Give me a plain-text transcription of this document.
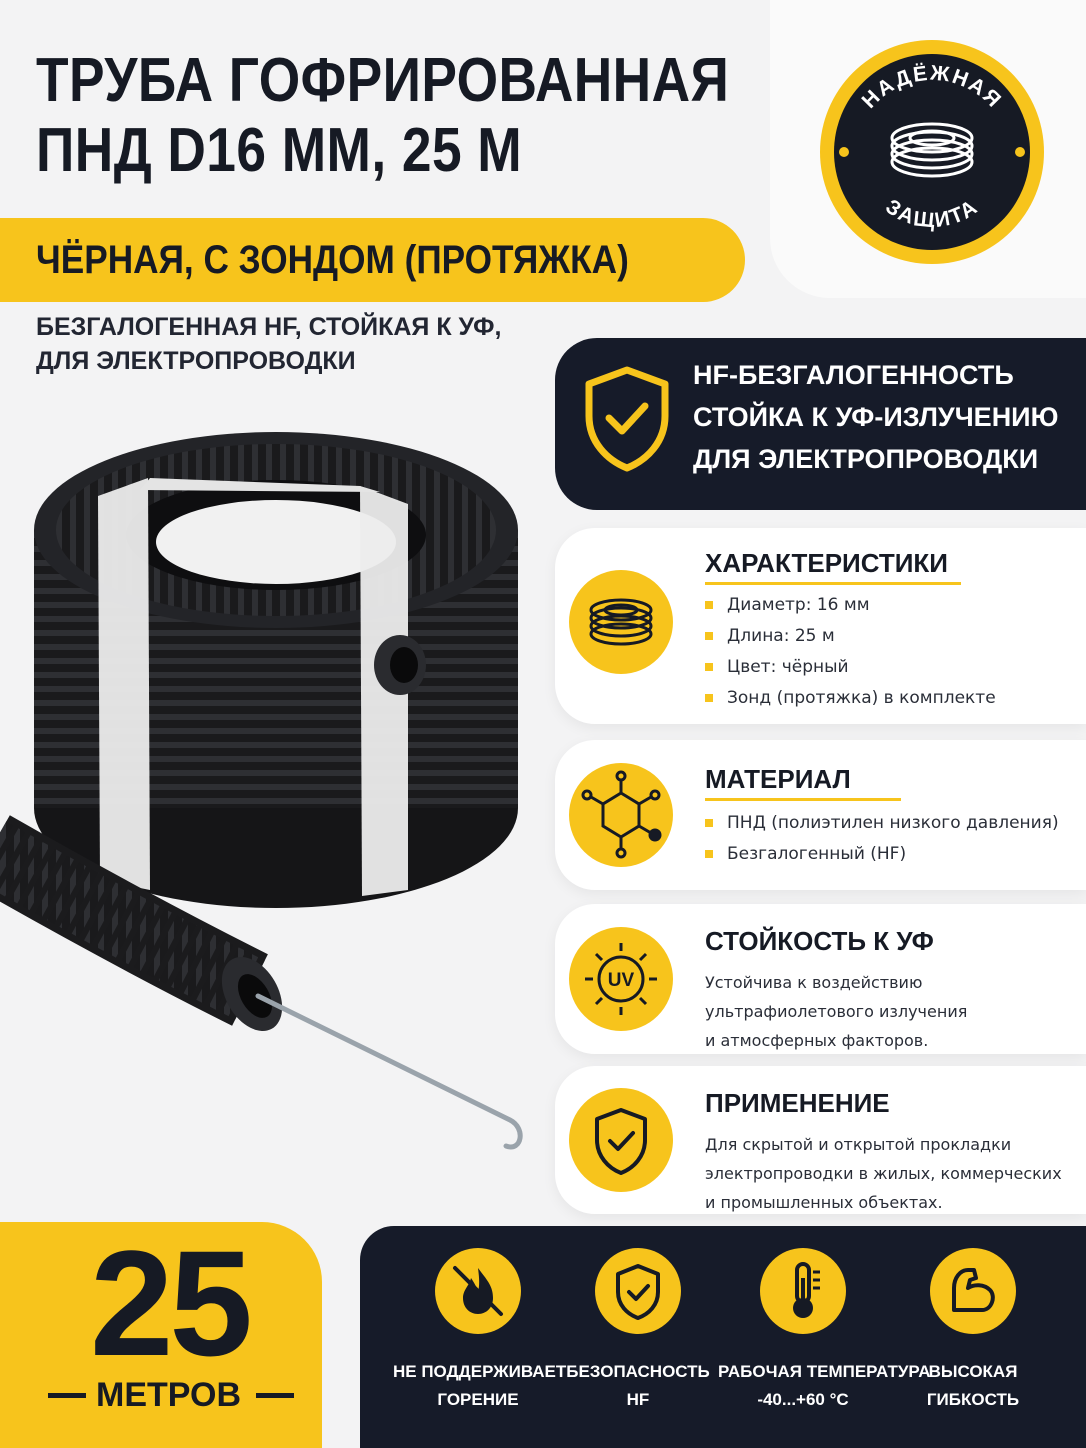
ТРУБА ГОФРИРОВАННАЯ
ПНД D16 ММ, 25 М
ЧЁРНАЯ, С ЗОНДОМ (ПРОТЯЖКА)
БЕЗГАЛОГЕННАЯ HF, СТОЙКАЯ К УФ,
ДЛЯ ЭЛЕКТРОПРОВОДКИ
НАДЁЖНАЯ
ЗАЩИТА
HF-БЕЗГАЛОГЕННОСТЬ
СТОЙКА К УФ-ИЗЛУЧЕНИЮ
ДЛЯ ЭЛЕКТРОПРОВОДКИ
ХАРАКТЕРИСТИКИ
Диаметр: 16 мм
Длина: 25 м
Цвет: чёрный
Зонд (протяжка) в комплекте
МАТЕРИАЛ
ПНД (полиэтилен низкого давления)
Безгалогенный (HF)
UV
СТОЙКОСТЬ К УФ

Устойчива к воздействию
ультрафиолетового излучения
и атмосферных факторов.

ПРИМЕНЕНИЕ

Для скрытой и открытой прокладки
электропроводки в жилых, коммерческих
и промышленных объектах.

25
МЕТРОВ
НЕ ПОДДЕРЖИВАЕТ
ГОРЕНИЕ
БЕЗОПАСНОСТЬ
HF
РАБОЧАЯ ТЕМПЕРАТУРА
-40...+60 °C
ВЫСОКАЯ
ГИБКОСТЬ
